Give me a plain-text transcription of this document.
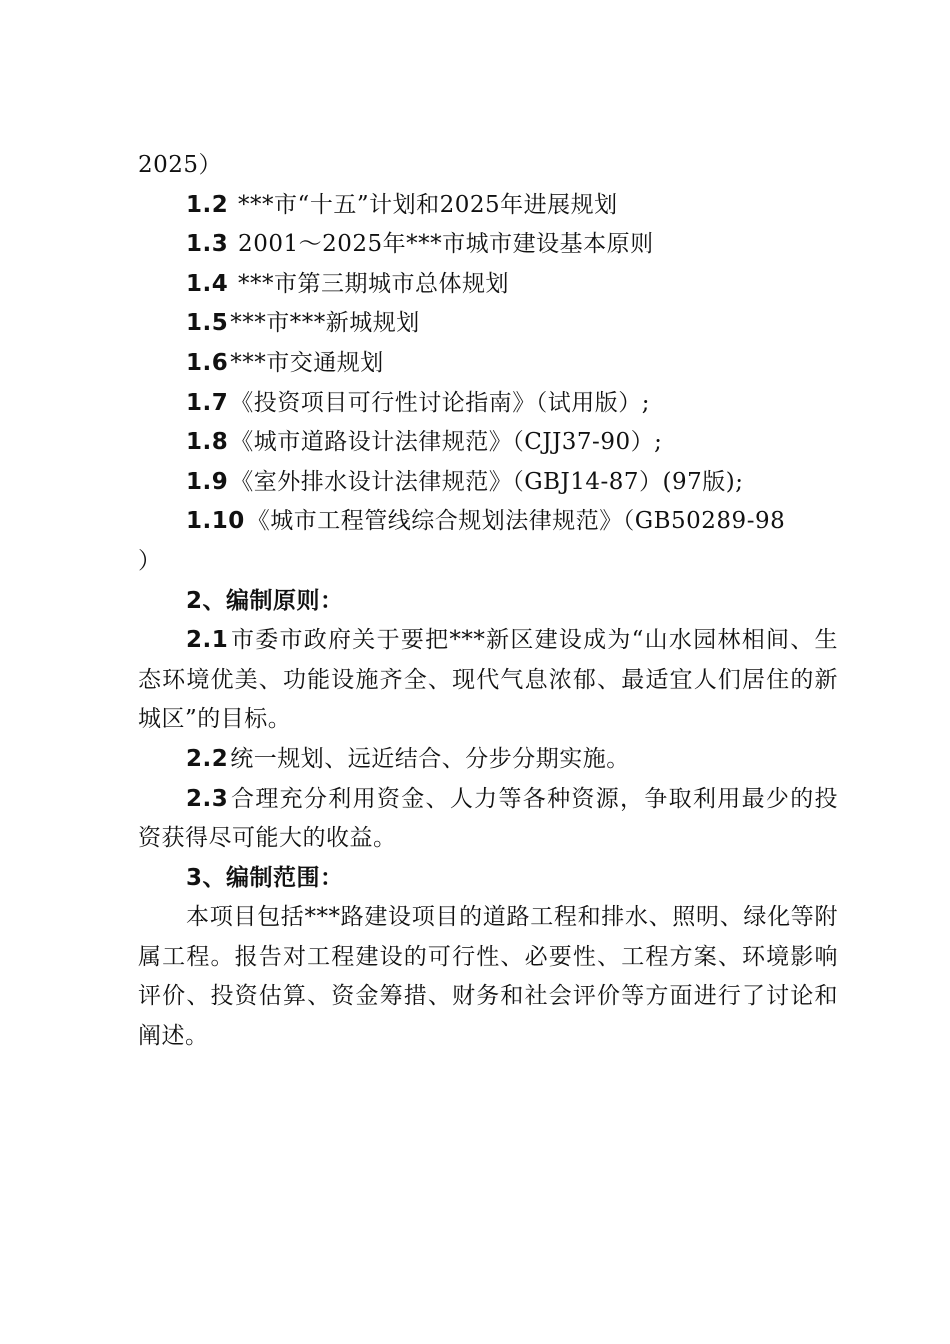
2025）

1.2 ***市“十五”计划和2025年进展规划

1.3 2001～2025年***市城市建设基本原则

1.4 ***市第三期城市总体规划

1.5***市***新城规划

1.6***市交通规划

1.7《投资项目可行性讨论指南》（试用版）;

1.8《城市道路设计法律规范》（CJJ37-90）;

1.9《室外排水设计法律规范》（GBJ14-87）(97版);

1.10《城市工程管线综合规划法律规范》（GB50289-98

）

2、编制原则：

2.1市委市政府关于要把***新区建设成为“山水园林相间、生态环境优美、功能设施齐全、现代气息浓郁、最适宜人们居住的新城区”的目标。

2.2统一规划、远近结合、分步分期实施。

2.3合理充分利用资金、人力等各种资源，争取利用最少的投资获得尽可能大的收益。

3、编制范围：

本项目包括***路建设项目的道路工程和排水、照明、绿化等附属工程。报告对工程建设的可行性、必要性、工程方案、环境影响评价、投资估算、资金筹措、财务和社会评价等方面进行了讨论和阐述。
